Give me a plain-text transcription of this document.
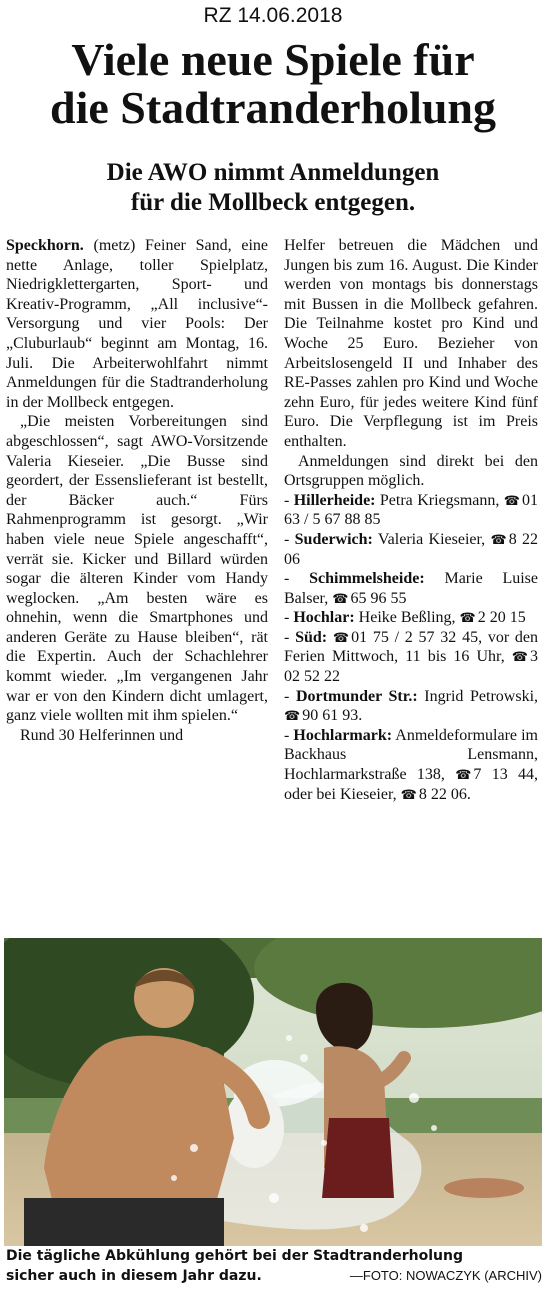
RZ 14.06.2018
Viele neue Spiele für
die Stadtranderholung
Die AWO nimmt Anmeldungen
für die Mollbeck entgegen.

Speckhorn. (metz) Feiner Sand, eine nette Anlage, toller Spielplatz, Niedrigklettergarten, Sport- und Kreativ-Programm, „All inclusive“-Versorgung und vier Pools: Der „Cluburlaub“ beginnt am Montag, 16. Juli. Die Arbeiterwohlfahrt nimmt Anmeldungen für die Stadtranderholung in der Mollbeck entgegen.

„Die meisten Vorbereitungen sind abgeschlossen“, sagt AWO-Vorsitzende Valeria Kieseier. „Die Busse sind geordert, der Essenslieferant ist bestellt, der Bäcker auch.“ Fürs Rahmenprogramm ist gesorgt. „Wir haben viele neue Spiele angeschafft“, verrät sie. Kicker und Billard würden sogar die älteren Kinder vom Handy weglocken. „Am besten wäre es ohnehin, wenn die Smartphones und anderen Geräte zu Hause bleiben“, rät die Expertin. Auch der Schachlehrer kommt wieder. „Im vergangenen Jahr war er von den Kindern dicht umlagert, ganz viele wollten mit ihm spielen.“

Rund 30 Helferinnen und

Helfer betreuen die Mädchen und Jungen bis zum 16. August. Die Kinder werden von montags bis donnerstags mit Bussen in die Mollbeck gefahren. Die Teilnahme kostet pro Kind und Woche 25 Euro. Bezieher von Arbeitslosengeld II und Inhaber des RE-Passes zahlen pro Kind und Woche zehn Euro, für jedes weitere Kind fünf Euro. Die Verpflegung ist im Preis enthalten.

Anmeldungen sind direkt bei den Ortsgruppen möglich.

- Hillerheide: Petra Kriegsmann, ☎ 01 63 / 5 67 88 85

- Suderwich: Valeria Kieseier, ☎ 8 22 06

- Schimmelsheide: Marie Luise Balser, ☎ 65 96 55

- Hochlar: Heike Beßling, ☎ 2 20 15

- Süd: ☎ 01 75 / 2 57 32 45, vor den Ferien Mittwoch, 11 bis 16 Uhr, ☎ 3 02 52 22

- Dortmunder Str.: Ingrid Petrowski, ☎ 90 61 93.

- Hochlarmark: Anmeldeformulare im Backhaus Lensmann, Hochlarmarkstraße 138, ☎ 7 13 44, oder bei Kieseier, ☎ 8 22 06.

Die tägliche Abkühlung gehört bei der Stadtranderholung
sicher auch in diesem Jahr dazu.	—FOTO: NOWACZYK (ARCHIV)
